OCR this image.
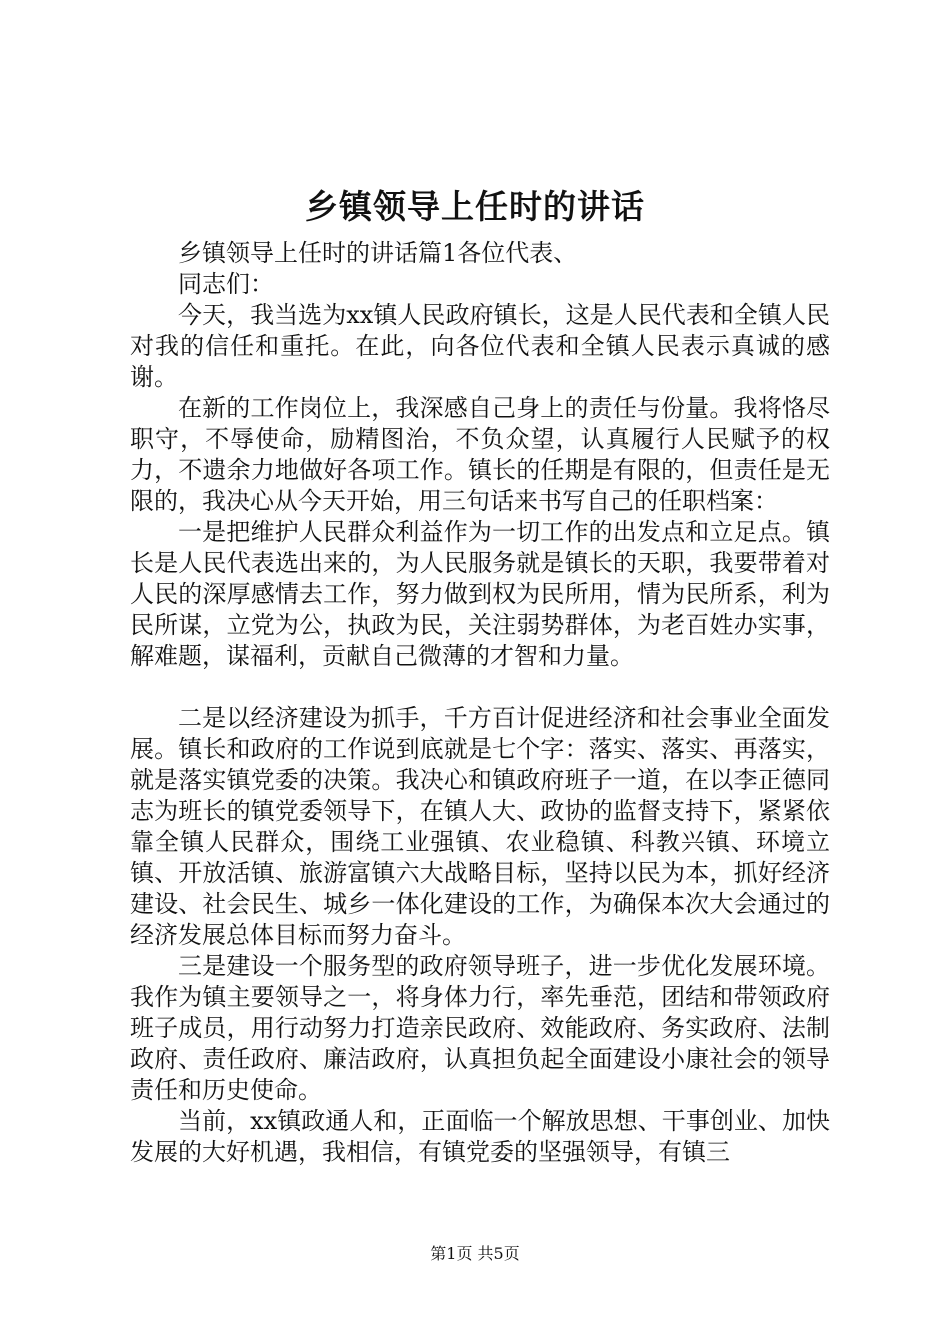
乡镇领导上任时的讲话

乡镇领导上任时的讲话篇1各位代表、

同志们：

今天，我当选为xx镇人民政府镇长，这是人民代表和全镇人民对我的信任和重托。在此，向各位代表和全镇人民表示真诚的感谢。

在新的工作岗位上，我深感自己身上的责任与份量。我将恪尽职守，不辱使命，励精图治，不负众望，认真履行人民赋予的权力，不遗余力地做好各项工作。镇长的任期是有限的，但责任是无限的，我决心从今天开始，用三句话来书写自己的任职档案：

一是把维护人民群众利益作为一切工作的出发点和立足点。镇长是人民代表选出来的，为人民服务就是镇长的天职，我要带着对人民的深厚感情去工作，努力做到权为民所用，情为民所系，利为民所谋，立党为公，执政为民，关注弱势群体，为老百姓办实事，解难题，谋福利，贡献自己微薄的才智和力量。

二是以经济建设为抓手，千方百计促进经济和社会事业全面发展。镇长和政府的工作说到底就是七个字：落实、落实、再落实，就是落实镇党委的决策。我决心和镇政府班子一道，在以李正德同志为班长的镇党委领导下，在镇人大、政协的监督支持下，紧紧依靠全镇人民群众，围绕工业强镇、农业稳镇、科教兴镇、环境立镇、开放活镇、旅游富镇六大战略目标，坚持以民为本，抓好经济建设、社会民生、城乡一体化建设的工作，为确保本次大会通过的经济发展总体目标而努力奋斗。

三是建设一个服务型的政府领导班子，进一步优化发展环境。我作为镇主要领导之一，将身体力行，率先垂范，团结和带领政府班子成员，用行动努力打造亲民政府、效能政府、务实政府、法制政府、责任政府、廉洁政府，认真担负起全面建设小康社会的领导责任和历史使命。

当前，xx镇政通人和，正面临一个解放思想、干事创业、加快发展的大好机遇，我相信，有镇党委的坚强领导，有镇三

第1页 共5页
